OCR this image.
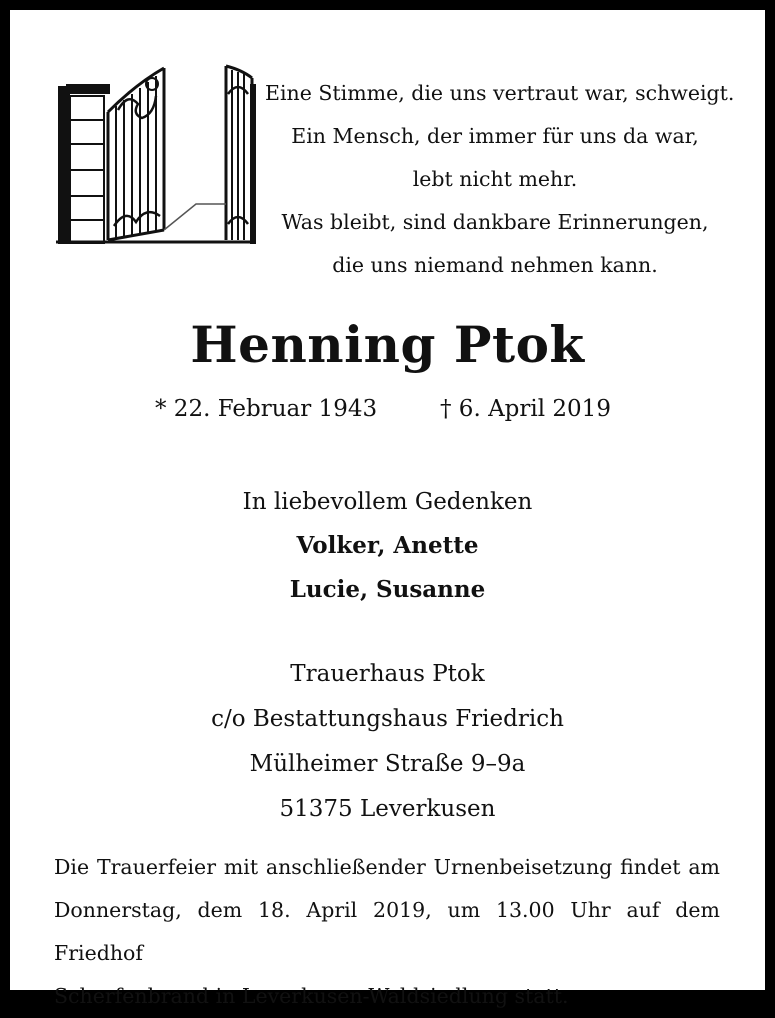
Eine Stimme, die uns vertraut war, schweigt.
Ein Mensch, der immer für uns da war,
lebt nicht mehr.
Was bleibt, sind dankbare Erinnerungen,
die uns niemand nehmen kann.
Henning Ptok
* 22. Februar 1943	† 6. April 2019
In liebevollem Gedenken
Volker, Anette
Lucie, Susanne
Trauerhaus Ptok
c/o Bestattungshaus Friedrich
Mülheimer Straße 9–9a
51375 Leverkusen
Die Trauerfeier mit anschließender Urnenbeisetzung findet am
Donnerstag, dem 18. April 2019, um 13.00 Uhr auf dem Friedhof
Scherfenbrand in Leverkusen-Waldsiedlung statt.
